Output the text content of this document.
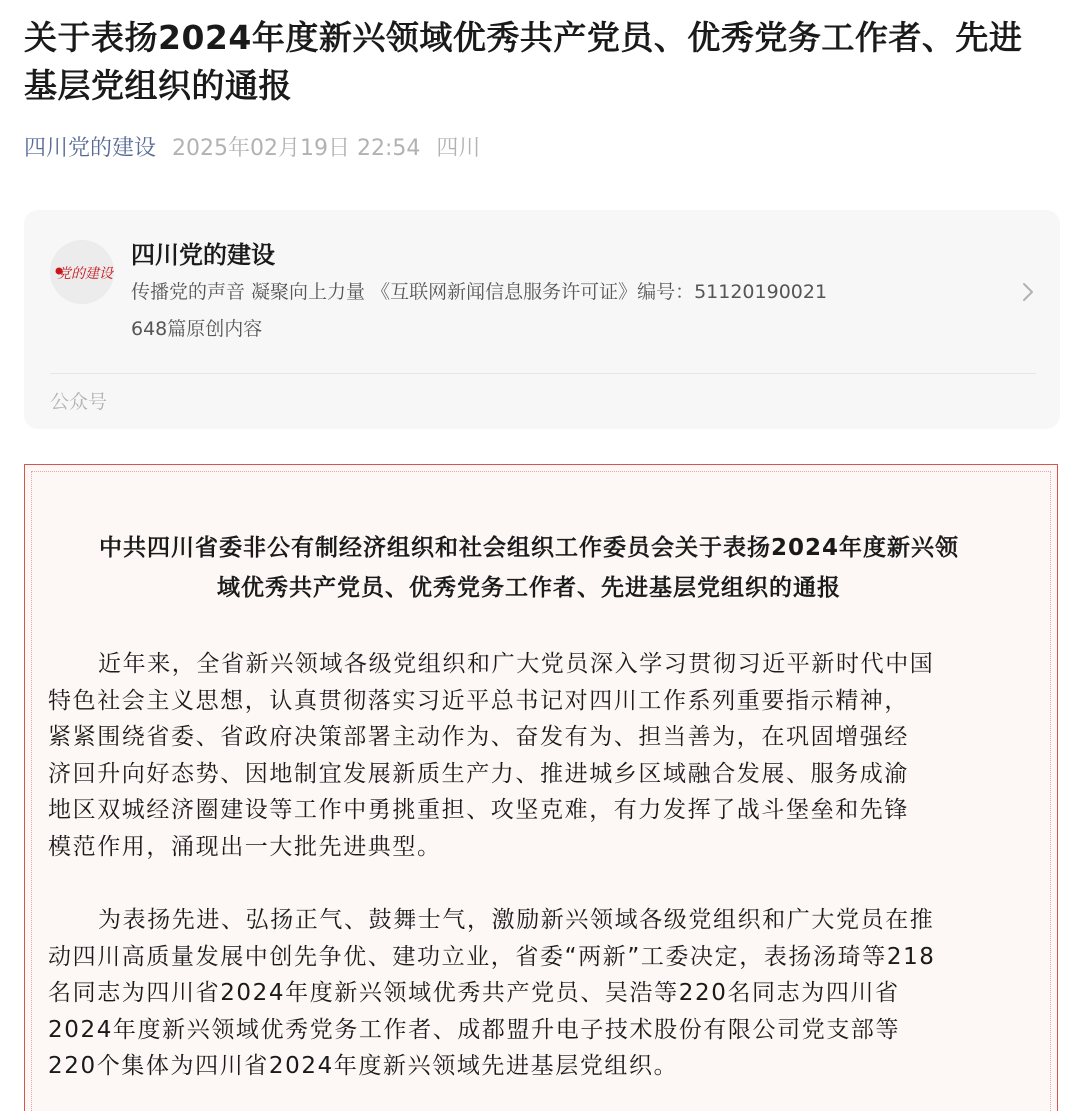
关于表扬2024年度新兴领域优秀共产党员、优秀党务工作者、先进
基层党组织的通报
四川党的建设 2025年02月19日 22:54 四川
党的建设
四川党的建设
传播党的声音 凝聚向上力量 《互联网新闻信息服务许可证》编号：51120190021
648篇原创内容
公众号
中共四川省委非公有制经济组织和社会组织工作委员会关于表扬2024年度新兴领
域优秀共产党员、优秀党务工作者、先进基层党组织的通报

近年来，全省新兴领域各级党组织和广大党员深入学习贯彻习近平新时代中国
特色社会主义思想，认真贯彻落实习近平总书记对四川工作系列重要指示精神，
紧紧围绕省委、省政府决策部署主动作为、奋发有为、担当善为，在巩固增强经
济回升向好态势、因地制宜发展新质生产力、推进城乡区域融合发展、服务成渝
地区双城经济圈建设等工作中勇挑重担、攻坚克难，有力发挥了战斗堡垒和先锋
模范作用，涌现出一大批先进典型。

为表扬先进、弘扬正气、鼓舞士气，激励新兴领域各级党组织和广大党员在推
动四川高质量发展中创先争优、建功立业，省委“两新”工委决定，表扬汤琦等218
名同志为四川省2024年度新兴领域优秀共产党员、吴浩等220名同志为四川省
2024年度新兴领域优秀党务工作者、成都盟升电子技术股份有限公司党支部等
220个集体为四川省2024年度新兴领域先进基层党组织。
